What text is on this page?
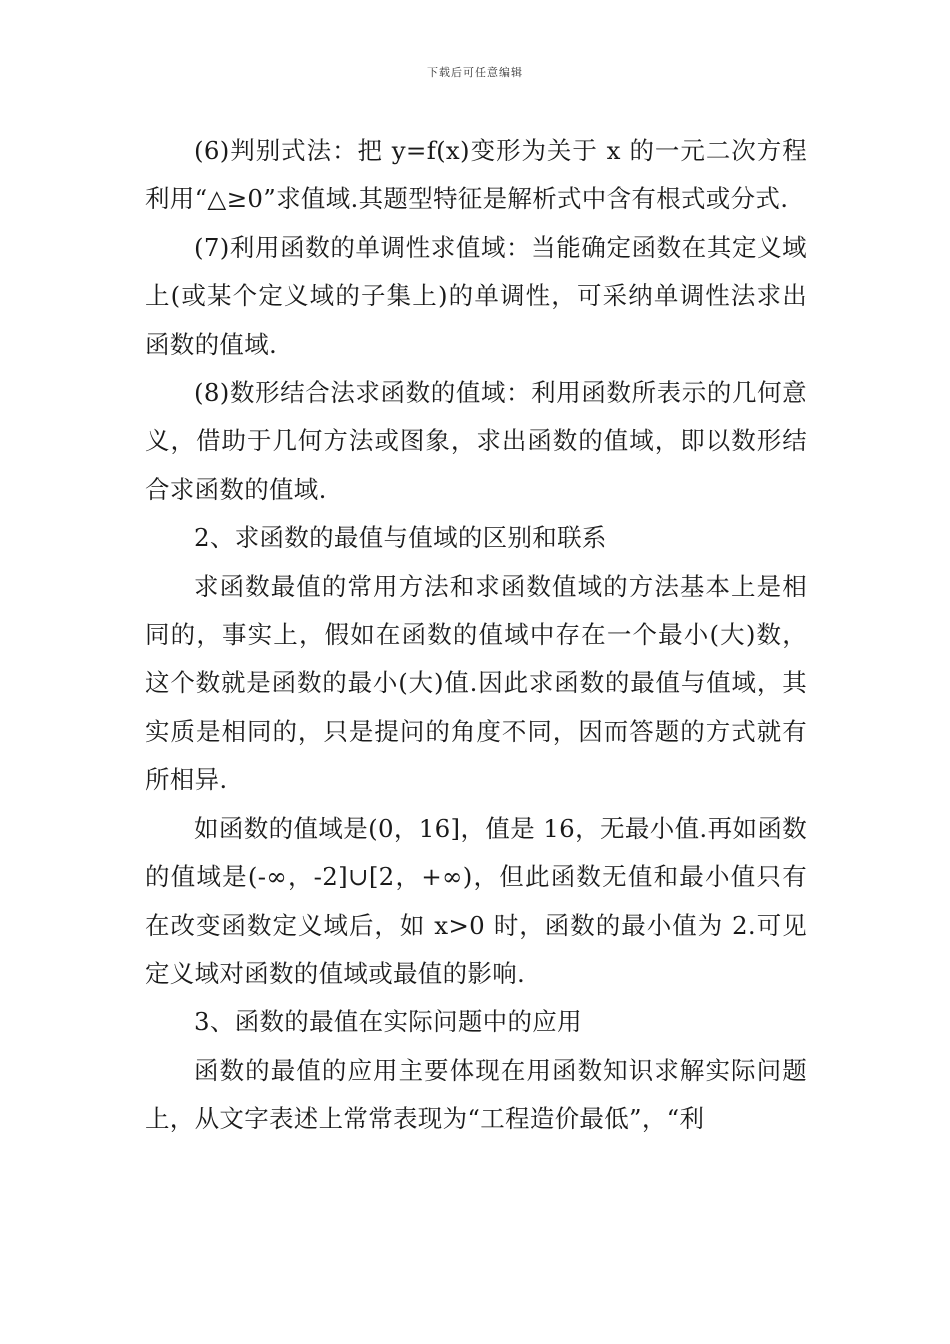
下载后可任意编辑

(6)判别式法：把 y=f(x)变形为关于 x 的一元二次方程利用“△≥0”求值域.其题型特征是解析式中含有根式或分式.

(7)利用函数的单调性求值域：当能确定函数在其定义域上(或某个定义域的子集上)的单调性，可采纳单调性法求出函数的值域.

(8)数形结合法求函数的值域：利用函数所表示的几何意义，借助于几何方法或图象，求出函数的值域，即以数形结合求函数的值域.

2、求函数的最值与值域的区别和联系

求函数最值的常用方法和求函数值域的方法基本上是相同的，事实上，假如在函数的值域中存在一个最小(大)数，这个数就是函数的最小(大)值.因此求函数的最值与值域，其实质是相同的，只是提问的角度不同，因而答题的方式就有所相异.

如函数的值域是(0，16]，值是 16，无最小值.再如函数的值域是(-∞，-2]∪[2，+∞)，但此函数无值和最小值只有在改变函数定义域后，如 x>0 时，函数的最小值为 2.可见定义域对函数的值域或最值的影响.

3、函数的最值在实际问题中的应用

函数的最值的应用主要体现在用函数知识求解实际问题上，从文字表述上常常表现为“工程造价最低”，“利
